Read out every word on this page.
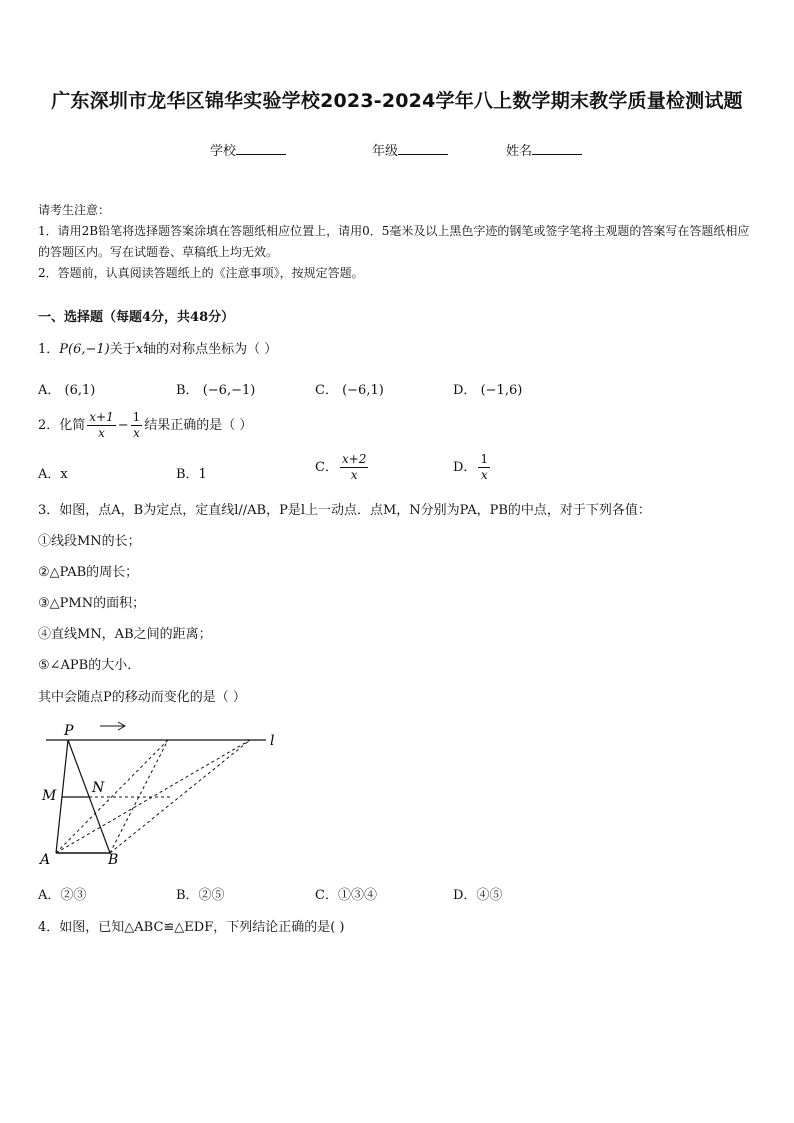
广东深圳市龙华区锦华实验学校2023-2024学年八上数学期末教学质量检测试题
学校	年级	姓名
请考生注意：
1．请用2B铅笔将选择题答案涂填在答题纸相应位置上，请用0．5毫米及以上黑色字迹的钢笔或签字笔将主观题的答案写在答题纸相应的答题区内。写在试题卷、草稿纸上均无效。
2．答题前，认真阅读答题纸上的《注意事项》，按规定答题。
一、选择题（每题4分，共48分）
1．P(6,−1)关于x轴的对称点坐标为（ ）
A． (6,1)	B． (−6,−1)	C． (−6,1)	D． (−1,6)
2．化简 $\frac{x+1}{x} - \frac{1}{x}$ 结果正确的是（ ）
A．x	B．1	C． $\frac{x+2}{x}$	D． $\frac{1}{x}$
3．如图，点A，B为定点，定直线l//AB，P是l上一动点．点M，N分别为PA，PB的中点，对于下列各值：
①线段MN的长；
②△PAB的周长；
③△PMN的面积；
④直线MN，AB之间的距离；
⑤∠APB的大小．
其中会随点P的移动而变化的是（ ）
P
l
M	N
A	B
A．②③	B．②⑤	C．①③④	D．④⑤
4．如图，已知△ABC≌△EDF，下列结论正确的是( )
